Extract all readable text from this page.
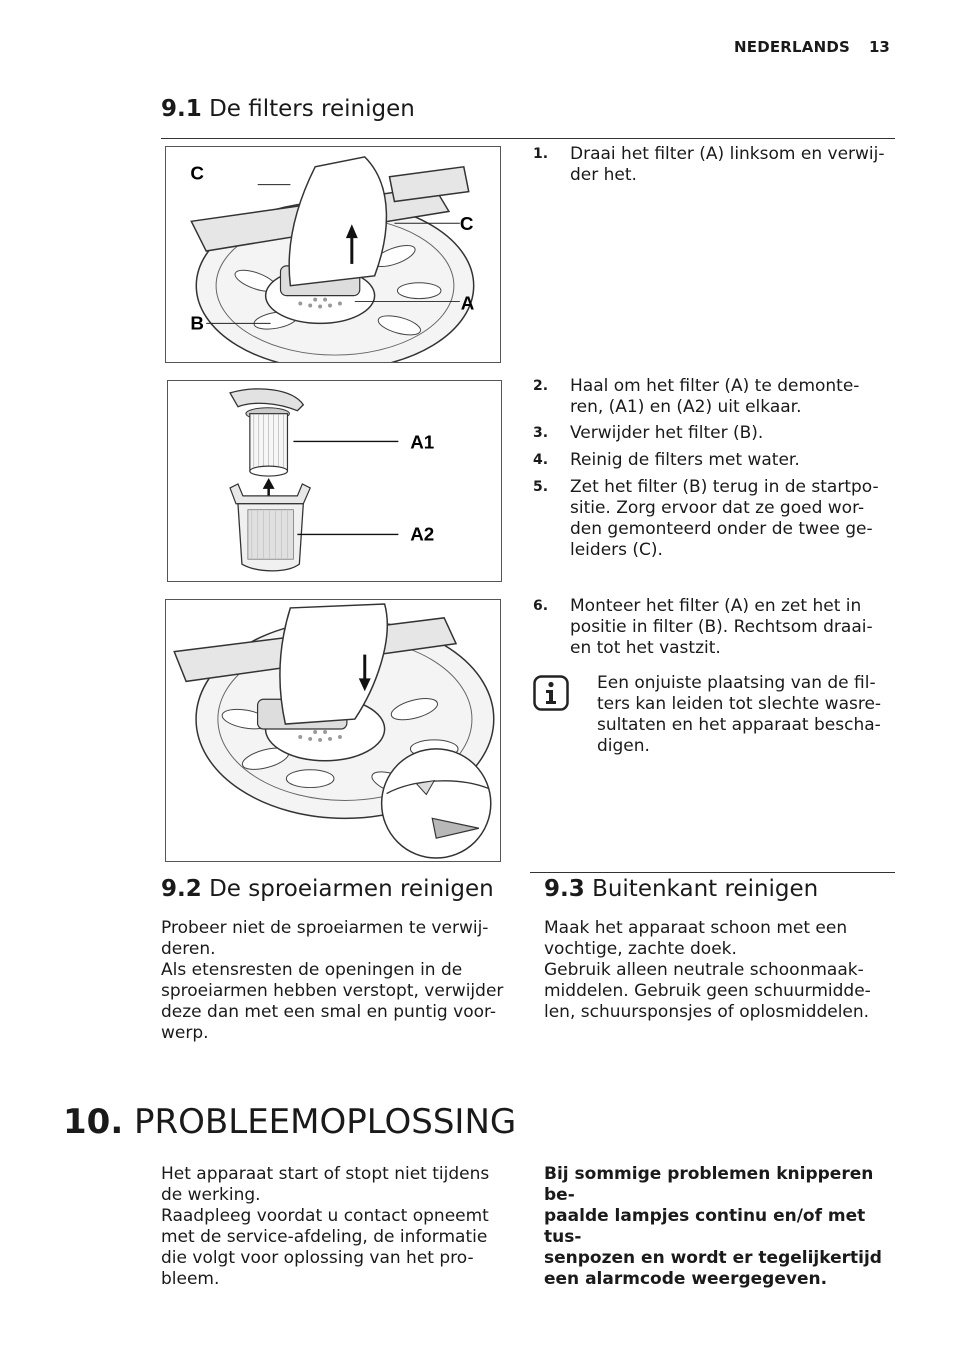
NEDERLANDS 13
9.1 De filters reinigen
C
C
A
B
1. Draai het filter (A) linksom en verwij-
der het.
A1
A2
2. Haal om het filter (A) te demonte-
ren, (A1) en (A2) uit elkaar.
3. Verwijder het filter (B).
4. Reinig de filters met water.
5. Zet het filter (B) terug in de startpo-
sitie. Zorg ervoor dat ze goed wor-
den gemonteerd onder de twee ge-
leiders (C).
6. Monteer het filter (A) en zet het in
positie in filter (B). Rechtsom draai-
en tot het vastzit.
Een onjuiste plaatsing van de fil-
ters kan leiden tot slechte wasre-
sultaten en het apparaat bescha-
digen.
9.2 De sproeiarmen reinigen
Probeer niet de sproeiarmen te verwij-
deren.
Als etensresten de openingen in de
sproeiarmen hebben verstopt, verwijder
deze dan met een smal en puntig voor-
werp.
9.3 Buitenkant reinigen
Maak het apparaat schoon met een
vochtige, zachte doek.
Gebruik alleen neutrale schoonmaak-
middelen. Gebruik geen schuurmidde-
len, schuursponsjes of oplosmiddelen.
10. PROBLEEMOPLOSSING
Het apparaat start of stopt niet tijdens
de werking.
Raadpleeg voordat u contact opneemt
met de service-afdeling, de informatie
die volgt voor oplossing van het pro-
bleem.
Bij sommige problemen knipperen be-
paalde lampjes continu en/of met tus-
senpozen en wordt er tegelijkertijd
een alarmcode weergegeven.
